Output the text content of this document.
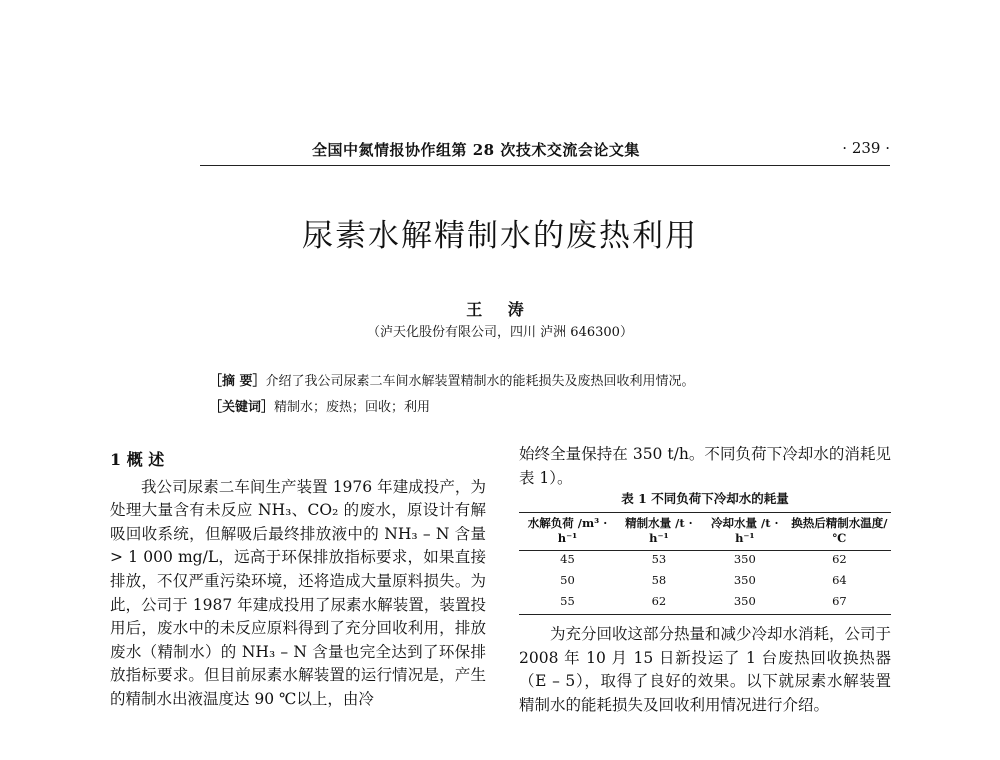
全国中氮情报协作组第 28 次技术交流会论文集	· 239 ·
尿素水解精制水的废热利用
王 涛
（泸天化股份有限公司，四川 泸洲 646300）
［摘 要］介绍了我公司尿素二车间水解装置精制水的能耗损失及废热回收利用情况。
［关键词］精制水；废热；回收；利用
1 概 述
我公司尿素二车间生产装置 1976 年建成投产，为处理大量含有未反应 NH₃、CO₂ 的废水，原设计有解吸回收系统，但解吸后最终排放液中的 NH₃ – N 含量 > 1 000 mg/L，远高于环保排放指标要求，如果直接排放，不仅严重污染环境，还将造成大量原料损失。为此，公司于 1987 年建成投用了尿素水解装置，装置投用后，废水中的未反应原料得到了充分回收利用，排放废水（精制水）的 NH₃ – N 含量也完全达到了环保排放指标要求。但目前尿素水解装置的运行情况是，产生的精制水出液温度达 90 ℃以上，由冷
始终全量保持在 350 t/h。不同负荷下冷却水的消耗见表 1）。
表 1 不同负荷下冷却水的耗量
水解负荷 /m³ · h⁻¹	精制水量 /t · h⁻¹	冷却水量 /t · h⁻¹	换热后精制水温度/℃
45	53	350	62
50	58	350	64
55	62	350	67
为充分回收这部分热量和减少冷却水消耗，公司于 2008 年 10 月 15 日新投运了 1 台废热回收换热器（E – 5），取得了良好的效果。以下就尿素水解装置精制水的能耗损失及回收利用情况进行介绍。
